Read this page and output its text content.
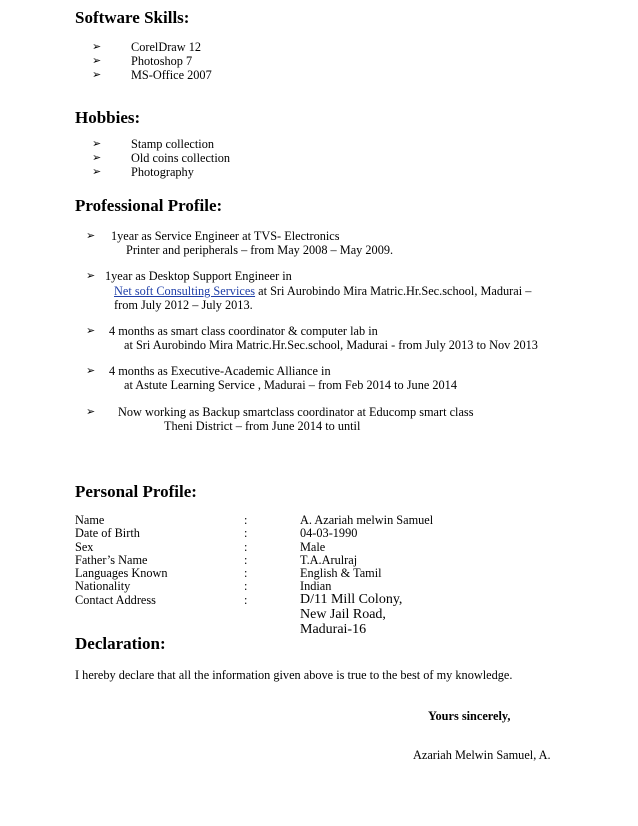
Software Skills:
➢ CorelDraw 12
➢ Photoshop 7
➢ MS-Office 2007
Hobbies:
➢ Stamp collection
➢ Old coins collection
➢ Photography
Professional Profile:
➢ 1year as Service Engineer at TVS- Electronics
Printer and peripherals – from May 2008 – May 2009.
➢ 1year as Desktop Support Engineer in
Net soft Consulting Services at Sri Aurobindo Mira Matric.Hr.Sec.school, Madurai –
from July 2012 – July 2013.
➢ 4 months as smart class coordinator & computer lab in
at Sri Aurobindo Mira Matric.Hr.Sec.school, Madurai - from July 2013 to Nov 2013
➢ 4 months as Executive-Academic Alliance in
at Astute Learning Service , Madurai – from Feb 2014 to June 2014
➢ Now working as Backup smartclass coordinator at Educomp smart class
Theni District – from June 2014 to until
Personal Profile:
Name	:	A. Azariah melwin Samuel
Date of Birth	:	04-03-1990
Sex	:	Male
Father’s Name	:	T.A.Arulraj
Languages Known	:	English & Tamil
Nationality	:	Indian
Contact Address	:	D/11 Mill Colony,
New Jail Road,
Madurai-16
Declaration:
I hereby declare that all the information given above is true to the best of my knowledge.
Yours sincerely,
Azariah Melwin Samuel, A.
